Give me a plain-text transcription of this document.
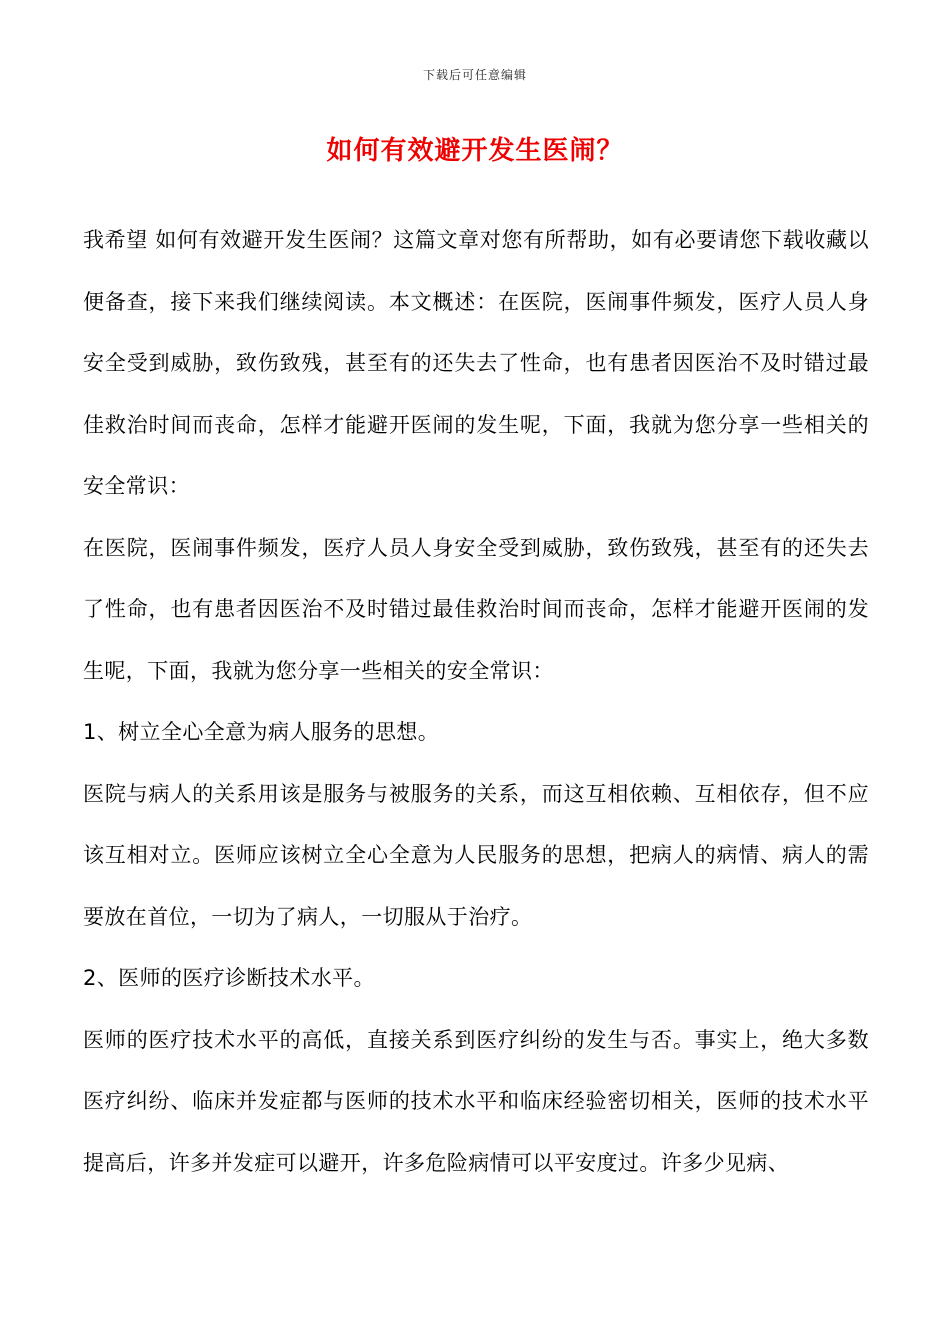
下载后可任意编辑
如何有效避开发生医闹？

我希望 如何有效避开发生医闹？这篇文章对您有所帮助，如有必要请您下载收藏以便备查，接下来我们继续阅读。本文概述：在医院，医闹事件频发，医疗人员人身安全受到威胁，致伤致残，甚至有的还失去了性命，也有患者因医治不及时错过最佳救治时间而丧命，怎样才能避开医闹的发生呢，下面，我就为您分享一些相关的安全常识：

在医院，医闹事件频发，医疗人员人身安全受到威胁，致伤致残，甚至有的还失去了性命，也有患者因医治不及时错过最佳救治时间而丧命，怎样才能避开医闹的发生呢，下面，我就为您分享一些相关的安全常识：

1、树立全心全意为病人服务的思想。

医院与病人的关系用该是服务与被服务的关系，而这互相依赖、互相依存，但不应该互相对立。医师应该树立全心全意为人民服务的思想，把病人的病情、病人的需要放在首位，一切为了病人，一切服从于治疗。

2、医师的医疗诊断技术水平。

医师的医疗技术水平的高低，直接关系到医疗纠纷的发生与否。事实上，绝大多数医疗纠纷、临床并发症都与医师的技术水平和临床经验密切相关，医师的技术水平提高后，许多并发症可以避开，许多危险病情可以平安度过。许多少见病、
